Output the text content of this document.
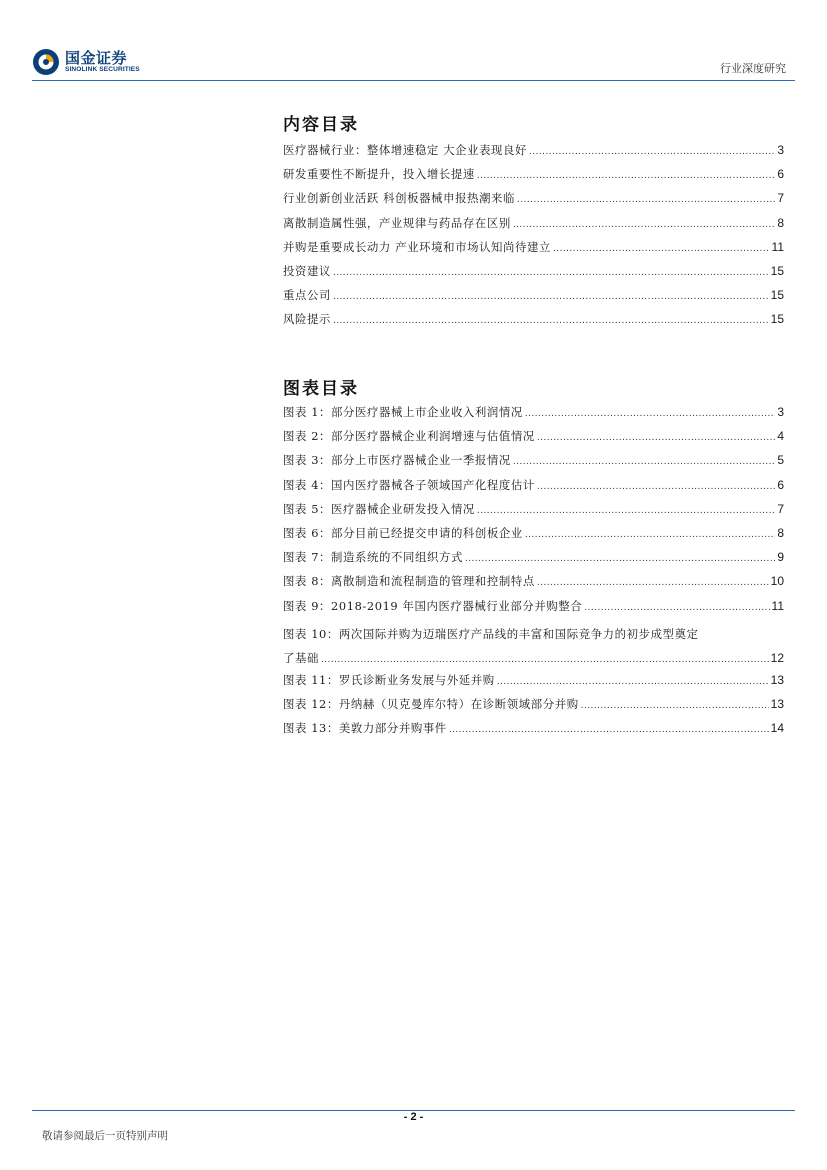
国金证券
SINOLINK SECURITIES	行业深度研究
内容目录
医疗器械行业：整体增速稳定 大企业表现良好 .....	3
研发重要性不断提升，投入增长提速 .....	6
行业创新创业活跃 科创板器械申报热潮来临 .....	7
离散制造属性强，产业规律与药品存在区别 .....	8
并购是重要成长动力 产业环境和市场认知尚待建立 .....	11
投资建议 .....	15
重点公司 .....	15
风险提示 .....	15
图表目录
图表 1：部分医疗器械上市企业收入利润情况 .....	3
图表 2：部分医疗器械企业利润增速与估值情况 .....	4
图表 3：部分上市医疗器械企业一季报情况 .....	5
图表 4：国内医疗器械各子领域国产化程度估计 .....	6
图表 5：医疗器械企业研发投入情况 .....	7
图表 6：部分目前已经提交申请的科创板企业 .....	8
图表 7：制造系统的不同组织方式 .....	9
图表 8：离散制造和流程制造的管理和控制特点 .....	10
图表 9：2018-2019 年国内医疗器械行业部分并购整合 .....	11
图表 10：两次国际并购为迈瑞医疗产品线的丰富和国际竞争力的初步成型奠定
了基础 .....	12
图表 11：罗氏诊断业务发展与外延并购 .....	13
图表 12：丹纳赫（贝克曼库尔特）在诊断领域部分并购 .....	13
图表 13：美敦力部分并购事件 .....	14
- 2 -
敬请参阅最后一页特别声明
